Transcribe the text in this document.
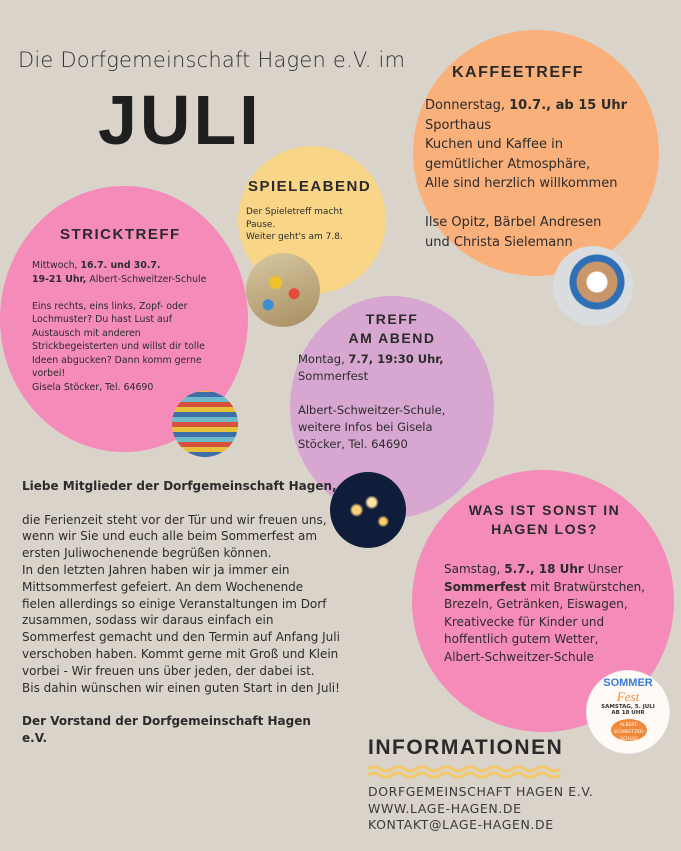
SOMMER
Fest
SAMSTAG, 5. JULI
AB 18 UHR
ALBERT-SCHWEITZER-SCHULE
Die Dorfgemeinschaft Hagen e.V. im
JULI
KAFFEETREFF
Donnerstag, 10.7., ab 15 Uhr
Sporthaus
Kuchen und Kaffee in
gemütlicher Atmosphäre,
Alle sind herzlich willkommen

Ilse Opitz, Bärbel Andresen
und Christa Sielemann
SPIELEABEND
Der Spieletreff macht
Pause.
Weiter geht's am 7.8.
STRICKTREFF
Mittwoch, 16.7. und 30.7.
19-21 Uhr, Albert-Schweitzer-Schule

Eins rechts, eins links, Zopf- oder Lochmuster? Du hast Lust auf Austausch mit anderen Strickbegeisterten und willst dir tolle Ideen abgucken? Dann komm gerne vorbei!
Gisela Stöcker, Tel. 64690
TREFF
AM ABEND
Montag, 7.7, 19:30 Uhr,
Sommerfest

Albert-Schweitzer-Schule,
weitere Infos bei Gisela
Stöcker, Tel. 64690
WAS IST SONST IN
HAGEN LOS?
Samstag, 5.7., 18 Uhr Unser
Sommerfest mit Bratwürstchen,
Brezeln, Getränken, Eiswagen,
Kreativecke für Kinder und
hoffentlich gutem Wetter,
Albert-Schweitzer-Schule

Liebe Mitglieder der Dorfgemeinschaft Hagen,

die Ferienzeit steht vor der Tür und wir freuen uns, wenn wir Sie und euch alle beim Sommerfest am ersten Juliwochenende begrüßen können.

In den letzten Jahren haben wir ja immer ein Mittsommerfest gefeiert. An dem Wochenende fielen allerdings so einige Veranstaltungen im Dorf zusammen, sodass wir daraus einfach ein Sommerfest gemacht und den Termin auf Anfang Juli verschoben haben. Kommt gerne mit Groß und Klein vorbei - Wir freuen uns über jeden, der dabei ist.

Bis dahin wünschen wir einen guten Start in den Juli!

Der Vorstand der Dorfgemeinschaft Hagen e.V.	INFORMATIONEN
DORFGEMEINSCHAFT HAGEN E.V.
WWW.LAGE-HAGEN.DE
KONTAKT@LAGE-HAGEN.DE
